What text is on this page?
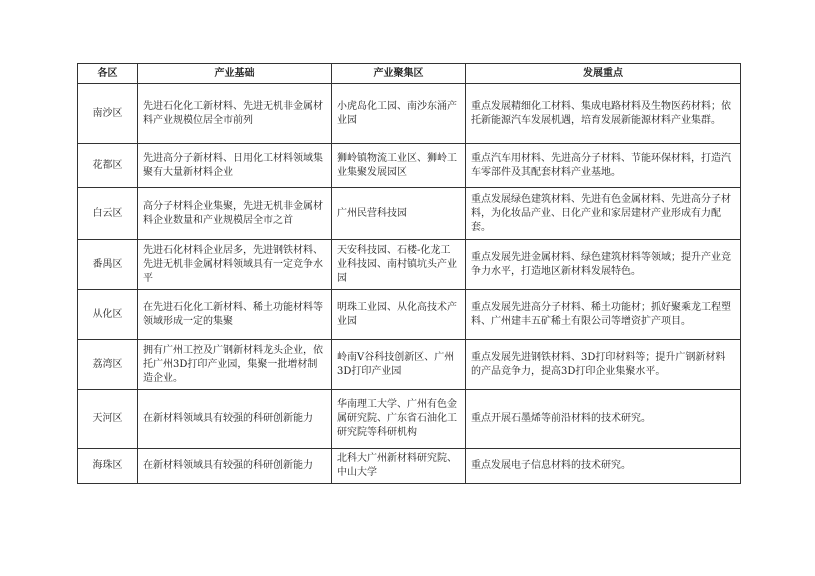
各区	产业基础	产业聚集区	发展重点
南沙区	先进石化化工新材料、先进无机非金属材料产业规模位居全市前列	小虎岛化工园、南沙东涌产业园	重点发展精细化工材料、集成电路材料及生物医药材料；依托新能源汽车发展机遇，培育发展新能源材料产业集群。
花都区	先进高分子新材料、日用化工材料领域集聚有大量新材料企业	狮岭镇物流工业区、狮岭工业集聚发展园区	重点汽车用材料、先进高分子材料、节能环保材料，打造汽车零部件及其配套材料产业基地。
白云区	高分子材料企业集聚，先进无机非金属材料企业数量和产业规模居全市之首	广州民营科技园	重点发展绿色建筑材料、先进有色金属材料、先进高分子材料，为化妆品产业、日化产业和家居建材产业形成有力配套。
番禺区	先进石化材料企业居多，先进钢铁材料、先进无机非金属材料领域具有一定竞争水平	天安科技园、石楼-化龙工业科技园、南村镇坑头产业园	重点发展先进金属材料、绿色建筑材料等领域；提升产业竞争力水平，打造地区新材料发展特色。
从化区	在先进石化化工新材料、稀土功能材料等领域形成一定的集聚	明珠工业园、从化高技术产业园	重点发展先进高分子材料、稀土功能材；抓好聚乘龙工程塑料、广州建丰五矿稀土有限公司等增资扩产项目。
荔湾区	拥有广州工控及广钢新材料龙头企业，依托广州3D打印产业园，集聚一批增材制造企业。	岭南V谷科技创新区、广州3D打印产业园	重点发展先进钢铁材料、3D打印材料等；提升广钢新材料的产品竞争力，提高3D打印企业集聚水平。
天河区	在新材料领域具有较强的科研创新能力	华南理工大学、广州有色金属研究院、广东省石油化工研究院等科研机构	重点开展石墨烯等前沿材料的技术研究。
海珠区	在新材料领域具有较强的科研创新能力	北科大广州新材料研究院、中山大学	重点发展电子信息材料的技术研究。
